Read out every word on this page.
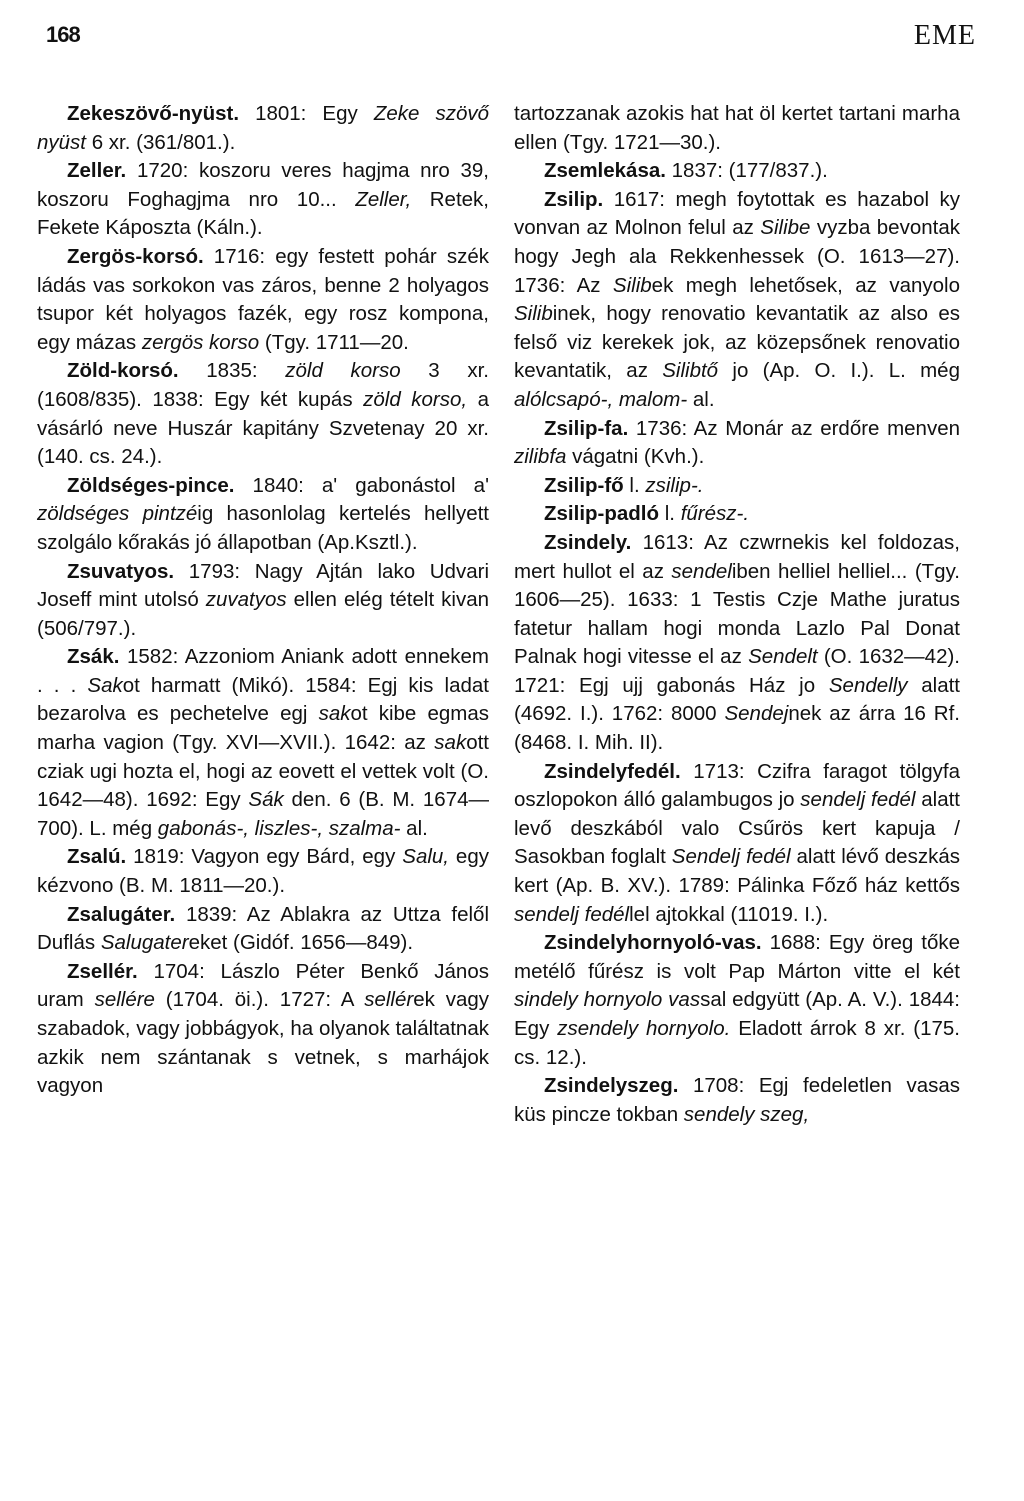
168	EME

Zekeszövő-nyüst. 1801: Egy Zeke szövő nyüst 6 xr. (361/801.).

Zeller. 1720: koszoru veres hagjma nro 39, koszoru Foghagjma nro 10... Zeller, Retek, Fekete Káposzta (Káln.).

Zergös-korsó. 1716: egy festett pohár szék ládás vas sorkokon vas záros, benne 2 holyagos tsupor két holyagos fazék, egy rosz kompona, egy mázas zergös korso (Tgy. 1711—20.

Zöld-korsó. 1835: zöld korso 3 xr. (1608/835). 1838: Egy két kupás zöld korso, a vásárló neve Huszár kapitány Szvetenay 20 xr. (140. cs. 24.).

Zöldséges-pince. 1840: a' gabonástol a' zöldséges pintzéig hasonlolag kertelés hellyett szolgálo kőrakás jó állapotban (Ap.Ksztl.).

Zsuvatyos. 1793: Nagy Ajtán lako Udvari Joseff mint utolsó zuvatyos ellen elég tételt kivan (506/797.).

Zsák. 1582: Azzoniom Aniank adott ennekem . . . Sakot harmatt (Mikó). 1584: Egj kis ladat bezarolva es pechetelve egj sakot kibe egmas marha vagion (Tgy. XVI—XVII.). 1642: az sakott cziak ugi hozta el, hogi az eovett el vettek volt (O. 1642—48). 1692: Egy Sák den. 6 (B. M. 1674—700). L. még gabonás-, liszles-, szalma- al.

Zsalú. 1819: Vagyon egy Bárd, egy Salu, egy kézvono (B. M. 1811—20.).

Zsalugáter. 1839: Az Ablakra az Uttza felől Duflás Salugatereket (Gidóf. 1656—849).

Zsellér. 1704: Lászlo Péter Benkő János uram sellére (1704. öi.). 1727: A sellérek vagy szabadok, vagy jobbágyok, ha olyanok találtatnak azkik nem szántanak s vetnek, s marhájok vagyon

tartozzanak azokis hat hat öl kertet tartani marha ellen (Tgy. 1721—30.).

Zsemlekása. 1837: (177/837.).

Zsilip. 1617: megh foytottak es hazabol ky vonvan az Molnon felul az Silibe vyzba bevontak hogy Jegh ala Rekkenhessek (O. 1613—27). 1736: Az Silibek megh lehetősek, az vanyolo Silibinek, hogy renovatio kevantatik az also es felső viz kerekek jok, az közepsőnek renovatio kevantatik, az Silibtő jo (Ap. O. I.). L. még alólcsapó-, malom- al.

Zsilip-fa. 1736: Az Monár az erdőre menven zilibfa vágatni (Kvh.).

Zsilip-fő l. zsilip-.

Zsilip-padló l. fűrész-.

Zsindely. 1613: Az czwrnekis kel foldozas, mert hullot el az sendeliben helliel helliel... (Tgy. 1606—25). 1633: 1 Testis Czje Mathe juratus fatetur hallam hogi monda Lazlo Pal Donat Palnak hogi vitesse el az Sendelt (O. 1632—42). 1721: Egj ujj gabonás Ház jo Sendelly alatt (4692. I.). 1762: 8000 Sendejnek az árra 16 Rf. (8468. I. Mih. II).

Zsindelyfedél. 1713: Czifra faragot tölgyfa oszlopokon álló galambugos jo sendelj fedél alatt levő deszkából valo Csűrös kert kapuja / Sasokban foglalt Sendelj fedél alatt lévő deszkás kert (Ap. B. XV.). 1789: Pálinka Főző ház kettős sendelj fedéllel ajtokkal (11019. I.).

Zsindelyhornyoló-vas. 1688: Egy öreg tőke metélő fűrész is volt Pap Márton vitte el két sindely hornyolo vassal edgyütt (Ap. A. V.). 1844: Egy zsendely hornyolo. Eladott árrok 8 xr. (175. cs. 12.).

Zsindelyszeg. 1708: Egj fedeletlen vasas küs pincze tokban sendely szeg,
